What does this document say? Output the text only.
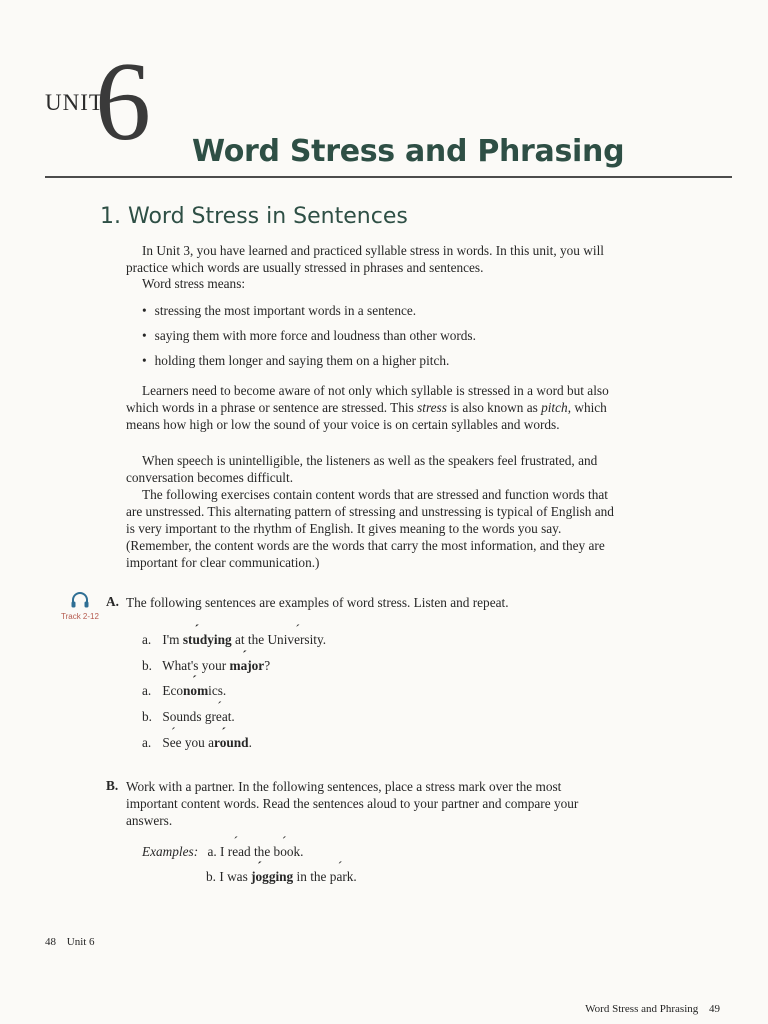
UNIT
6 Word Stress and Phrasing
1. Word Stress in Sentences
In Unit 3, you have learned and practiced syllable stress in words. In this unit, you will practice which words are usually stressed in phrases and sentences.
Word stress means:
• stressing the most important words in a sentence.
• saying them with more force and loudness than other words.
• holding them longer and saying them on a higher pitch.
Learners need to become aware of not only which syllable is stressed in a word but also which words in a phrase or sentence are stressed. This stress is also known as pitch, which means how high or low the sound of your voice is on certain syllables and words.
When speech is unintelligible, the listeners as well as the speakers feel frustrated, and conversation becomes difficult.
The following exercises contain content words that are stressed and function words that are unstressed. This alternating pattern of stressing and unstressing is typical of English and is very important to the rhythm of English. It gives meaning to the words you say. (Remember, the content words are the words that carry the most information, and they are important for clear communication.)
Track 2-12
A. The following sentences are examples of word stress. Listen and repeat.
a. I'm stu ´dying at the Unive ´rsity.
b. What's your ma ´jor?
a. Econo ´mics.
b. Sounds gre ´at.
a. Se ´e you aro ´und.
B. Work with a partner. In the following sentences, place a stress mark over the most important content words. Read the sentences aloud to your partner and compare your answers.
Examples: a. I re ´ad the bo ´ok.
b. I was jo ´gging in the pa ´rk.
48 Unit 6
Word Stress and Phrasing 49
